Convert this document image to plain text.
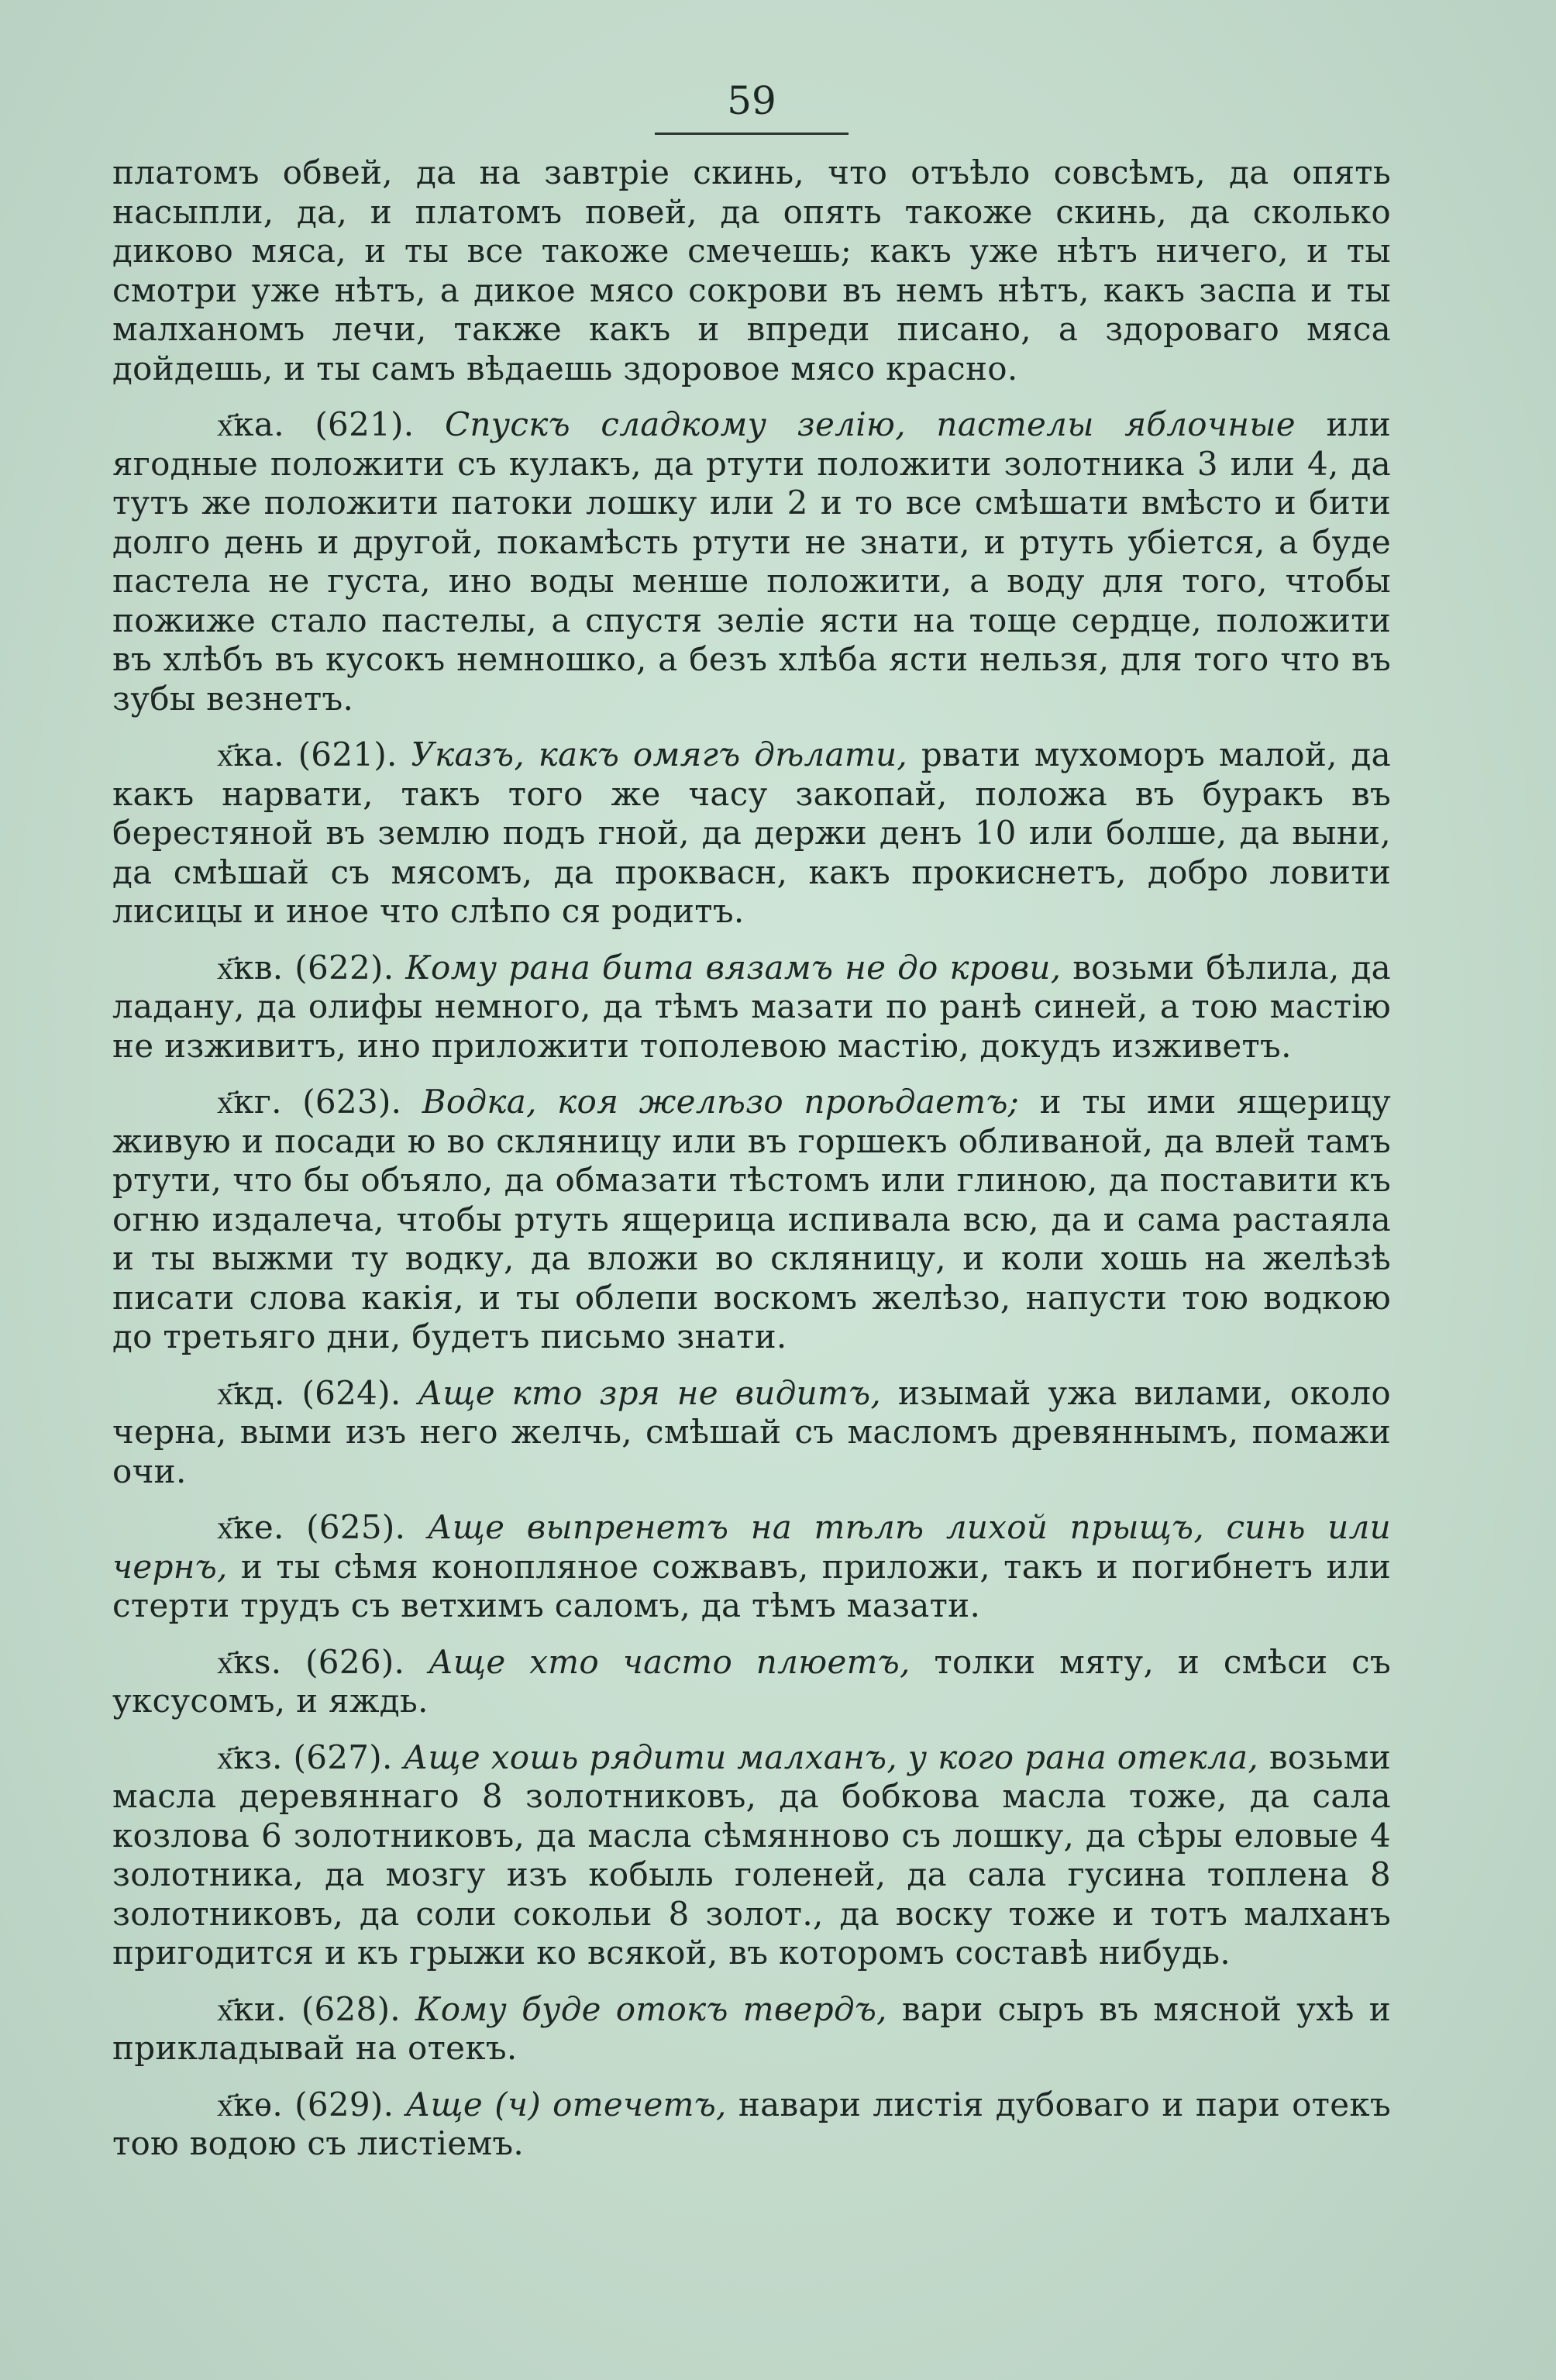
59

платомъ обвей, да на завтріе скинь, что отъѣло совсѣмъ, да опять насыпли, да, и платомъ повей, да опять такоже скинь, да сколько диково мяса, и ты все такоже смечешь; какъ уже нѣтъ ничего, и ты смотри уже нѣтъ, а дикое мясо сокрови въ немъ нѣтъ, какъ заспа и ты малханомъ лечи, также какъ и впреди писано, а здороваго мяса дойдешь, и ты самъ вѣдаешь здоровое мясо красно.

х҃ка. (621). Спускъ сладкому зелію, пастелы яблочные или ягодные положити съ кулакъ, да ртути положити золотника 3 или 4, да тутъ же положити патоки лошку или 2 и то все смѣшати вмѣсто и бити долго день и другой, покамѣсть ртути не знати, и ртуть убіется, а буде пастела не густа, ино воды менше положити, а воду для того, чтобы пожиже стало пастелы, а спустя зеліе ясти на тоще сердце, положити въ хлѣбъ въ кусокъ немношко, а безъ хлѣба ясти нельзя, для того что въ зубы везнетъ.

х҃ка. (621). Указъ, какъ омягъ дѣлати, рвати мухоморъ малой, да какъ нарвати, такъ того же часу закопай, положа въ буракъ въ берестяной въ землю подъ гной, да держи денъ 10 или болше, да выни, да смѣшай съ мясомъ, да проквасн, какъ прокиснетъ, добро ловити лисицы и иное что слѣпо ся родитъ.

х҃кв. (622). Кому рана бита вязамъ не до крови, возьми бѣлила, да ладану, да олифы немного, да тѣмъ мазати по ранѣ синей, а тою мастію не изживитъ, ино приложити тополевою мастію, докудъ изживетъ.

х҃кг. (623). Водка, коя желѣзо проѣдаетъ; и ты ими ящерицу живую и посади ю во скляницу или въ горшекъ обливаной, да влей тамъ ртути, что бы объяло, да обмазати тѣстомъ или глиною, да поставити къ огню издалеча, чтобы ртуть ящерица испивала всю, да и сама растаяла и ты выжми ту водку, да вложи во скляницу, и коли хошь на желѣзѣ писати слова какія, и ты облепи воскомъ желѣзо, напусти тою водкою до третьяго дни, будетъ письмо знати.

х҃кд. (624). Аще кто зря не видитъ, изымай ужа вилами, около черна, выми изъ него желчь, смѣшай съ масломъ древяннымъ, помажи очи.

х҃ке. (625). Аще выпренетъ на тѣлѣ лихой прыщъ, синь или чернъ, и ты сѣмя конопляное сожвавъ, приложи, такъ и погибнетъ или стерти трудъ съ ветхимъ саломъ, да тѣмъ мазати.

х҃кѕ. (626). Аще хто часто плюетъ, толки мяту, и смѣси съ уксусомъ, и яждь.

х҃кз. (627). Аще хошь рядити малханъ, у кого рана отекла, возьми масла деревяннаго 8 золотниковъ, да бобкова масла тоже, да сала козлова 6 золотниковъ, да масла сѣмянново съ лошку, да сѣры еловые 4 золотника, да мозгу изъ кобыль голеней, да сала гусина топлена 8 золотниковъ, да соли сокольи 8 золот., да воску тоже и тотъ малханъ пригодится и къ грыжи ко всякой, въ которомъ составѣ нибудь.

х҃ки. (628). Кому буде отокъ твердъ, вари сыръ въ мясной ухѣ и прикладывай на отекъ.

х҃кѳ. (629). Аще (ч) отечетъ, навари листія дубоваго и пари отекъ тою водою съ листіемъ.
